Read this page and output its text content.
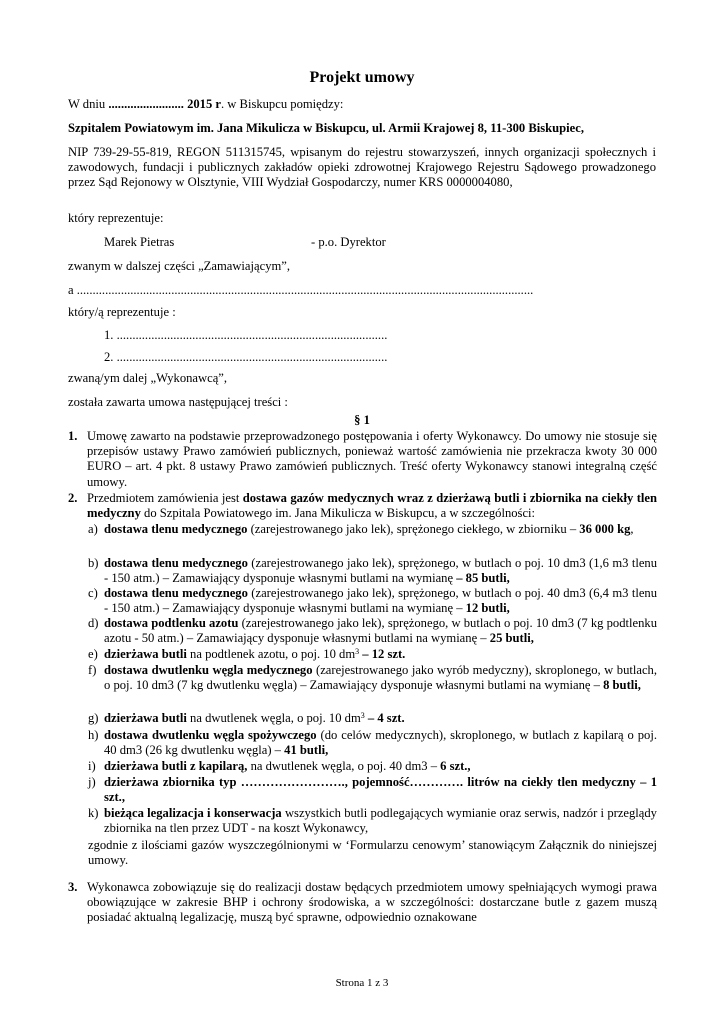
Projekt umowy
W dniu ........................ 2015 r. w Biskupcu pomiędzy:
Szpitalem Powiatowym im. Jana Mikulicza w Biskupcu, ul. Armii Krajowej 8, 11-300 Biskupiec,
NIP 739-29-55-819, REGON 511315745, wpisanym do rejestru stowarzyszeń, innych organizacji społecznych i zawodowych, fundacji i publicznych zakładów opieki zdrowotnej Krajowego Rejestru Sądowego prowadzonego przez Sąd Rejonowy w Olsztynie, VIII Wydział Gospodarczy, numer KRS 0000004080,
który reprezentuje:
Marek Pietras	- p.o. Dyrektor
zwanym w dalszej części „Zamawiającym”,
a .................................................................................................................................................
który/ą reprezentuje :
1. ......................................................................................
2. ......................................................................................
zwaną/ym dalej „Wykonawcą”,
została zawarta umowa następującej treści :
§ 1
1. Umowę zawarto na podstawie przeprowadzonego postępowania i oferty Wykonawcy. Do umowy nie stosuje się przepisów ustawy Prawo zamówień publicznych, ponieważ wartość zamówienia nie przekracza kwoty 30 000 EURO – art. 4 pkt. 8 ustawy Prawo zamówień publicznych. Treść oferty Wykonawcy stanowi integralną część umowy.
2. Przedmiotem zamówienia jest dostawa gazów medycznych wraz z dzierżawą butli i zbiornika na ciekły tlen medyczny do Szpitala Powiatowego im. Jana Mikulicza w Biskupcu, a w szczególności:
a) dostawa tlenu medycznego (zarejestrowanego jako lek), sprężonego ciekłego, w zbiorniku – 36 000 kg,
b) dostawa tlenu medycznego (zarejestrowanego jako lek), sprężonego, w butlach o poj. 10 dm3 (1,6 m3 tlenu - 150 atm.) – Zamawiający dysponuje własnymi butlami na wymianę – 85 butli,
c) dostawa tlenu medycznego (zarejestrowanego jako lek), sprężonego, w butlach o poj. 40 dm3 (6,4 m3 tlenu - 150 atm.) – Zamawiający dysponuje własnymi butlami na wymianę – 12 butli,
d) dostawa podtlenku azotu (zarejestrowanego jako lek), sprężonego, w butlach o poj. 10 dm3 (7 kg podtlenku azotu - 50 atm.) – Zamawiający dysponuje własnymi butlami na wymianę – 25 butli,
e) dzierżawa butli na podtlenek azotu, o poj. 10 $dm^3 - 12$ szt.
f) dostawa dwutlenku węgla medycznego (zarejestrowanego jako wyrób medyczny), skroplonego, w butlach, o poj. 10 dm3 (7 kg dwutlenku węgla) – Zamawiający dysponuje własnymi butlami na wymianę – 8 butli,
g) dzierżawa butli na dwutlenek węgla, o poj. 10 $dm^3 - 4$ szt.
h) dostawa dwutlenku węgla spożywczego (do celów medycznych), skroplonego, w butlach z kapilarą o poj. 40 dm3 (26 kg dwutlenku węgla) – 41 butli,
i) dzierżawa butli z kapilarą, na dwutlenek węgla, o poj. 40 dm3 – 6 szt.,
j) dzierżawa zbiornika typ ……………………., pojemność…………. litrów na ciekły tlen medyczny – 1 szt.,
k) bieżąca legalizacja i konserwacja wszystkich butli podlegających wymianie oraz serwis, nadzór i przeglądy zbiornika na tlen przez UDT - na koszt Wykonawcy,
zgodnie z ilościami gazów wyszczególnionymi w ‘Formularzu cenowym’ stanowiącym Załącznik do niniejszej umowy.
3. Wykonawca zobowiązuje się do realizacji dostaw będących przedmiotem umowy spełniających wymogi prawa obowiązujące w zakresie BHP i ochrony środowiska, a w szczególności: dostarczane butle z gazem muszą posiadać aktualną legalizację, muszą być sprawne, odpowiednio oznakowane
Strona 1 z 3
